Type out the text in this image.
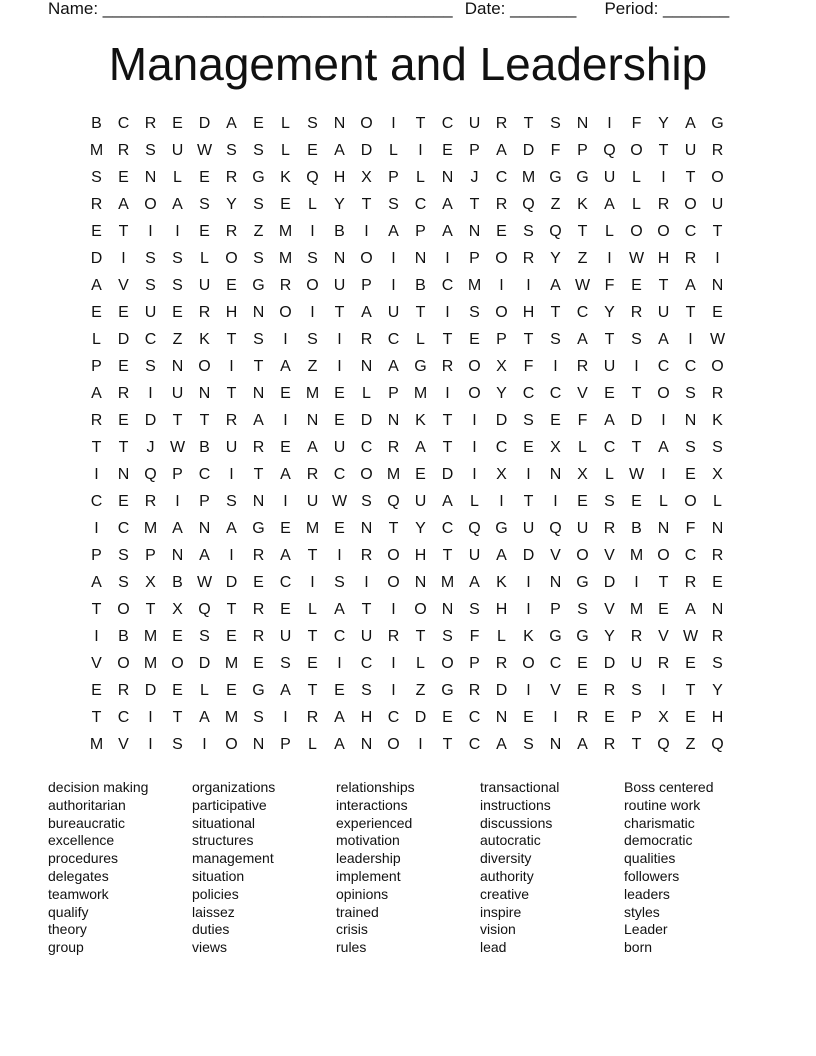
Name: _____________________________________ Date: _______ Period: _______
Management and Leadership
B C R E D A	E	L	S N O	I	T	C U R	T	S N	I	F	Y	A G
M R S U W S	S	L	E	A D	L	I	E	P	A D	F	P Q O T	U R
S	E N	L	E R G K Q H X	P	L	N	J	C M G G U	L	I	T O
R A O A	S	Y	S	E	L	Y	T	S C A	T	R Q Z	K	A	L	R O U
E	T	I	I	E R	Z M	I	B	I	A	P	A N E	S Q T	L	O O C	T
D	I	S	S	L	O S M S N O	I	N	I	P O R Y	Z	I	W H R	I
A	V	S	S U E G R O U P	I	B C M	I	I	A W F	E	T	A N
E	E U E R H N O	I	T	A U	T	I	S O H	T	C Y R U	T	E
L	D C	Z	K	T	S	I	S	I	R C	L	T	E	P	T	S	A	T	S	A	I	W
P	E	S N O	I	T	A	Z	I	N A G R O X	F	I	R U	I	C C O
A R	I	U N	T	N E M E	L	P M	I	O Y C C V	E	T O S R
R E D	T	T	R A	I	N E D N K	T	I	D S	E	F	A D	I	N K
T	T	J W B U R E	A U C R A	T	I	C E	X	L	C	T	A	S	S
I	N Q P C	I	T	A R C O M E D	I	X	I	N X	L W	I	E	X
C E R	I	P	S N	I	U W S Q U A	L	I	T	I	E	S	E	L	O	L
I	C M A N A G E M E N	T	Y C Q G U Q U R B N	F	N
P	S	P N A	I	R A	T	I	R O H	T	U A D V O V M O C R
A	S	X	B W D E C	I	S	I	O N M A	K	I	N G D	I	T	R E
T O T	X Q T	R E	L	A	T	I	O N S H	I	P	S	V M E	A N
I	B M E	S	E R U	T	C U R	T	S	F	L	K G G Y R V W R
V O M O D M E	S	E	I	C	I	L	O P R O C E D U R E	S
E R D E	L	E G A	T	E	S	I	Z G R D	I	V	E R S	I	T	Y
T	C	I	T	A M S	I	R A H C D E C N E	I	R E	P	X	E H
M V	I	S	I	O N P	L	A N O	I	T	C A	S N A R	T Q Z Q
decision making
authoritarian
bureaucratic
excellence
procedures
delegates
teamwork
qualify
theory
group
organizations
participative
situational
structures
management
situation
policies
laissez
duties
views
relationships
interactions
experienced
motivation
leadership
implement
opinions
trained
crisis
rules
transactional
instructions
discussions
autocratic
diversity
authority
creative
inspire
vision
lead
Boss centered
routine work
charismatic
democratic
qualities
followers
leaders
styles
Leader
born
